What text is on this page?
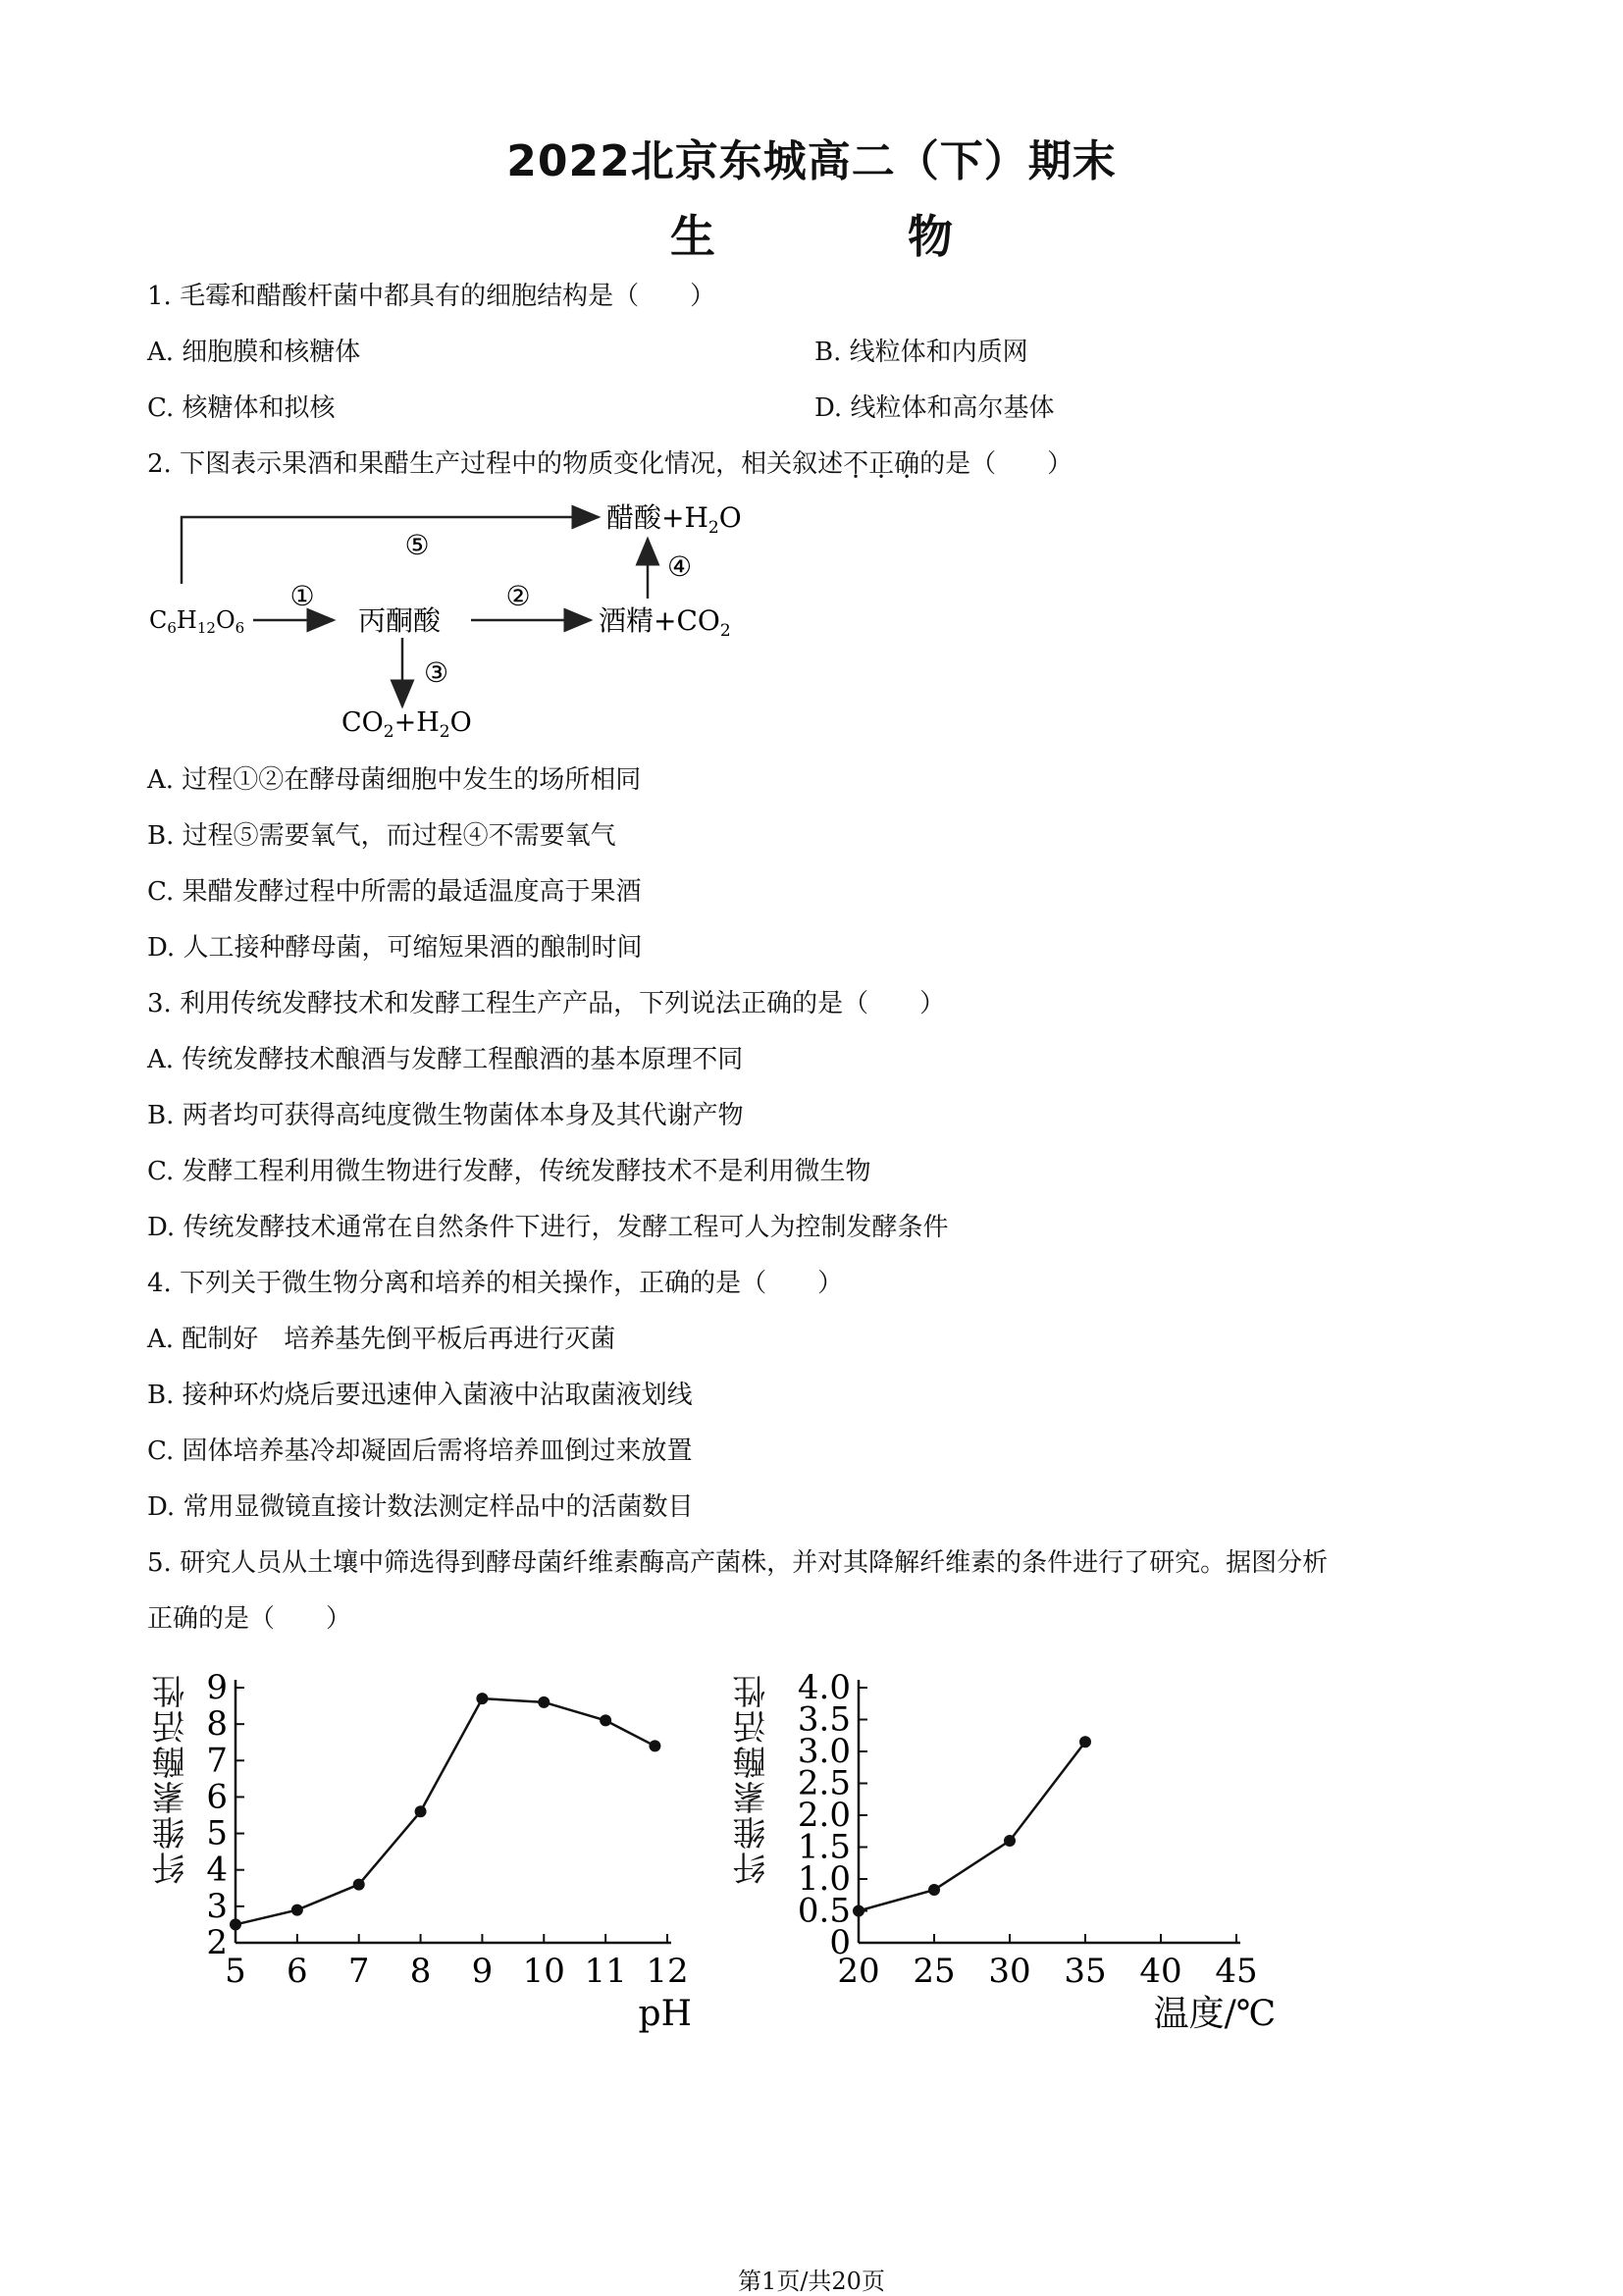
2022北京东城高二（下）期末
生 物
1. 毛霉和醋酸杆菌中都具有的细胞结构是（　　）
A. 细胞膜和核糖体	B. 线粒体和内质网
C. 核糖体和拟核	D. 线粒体和高尔基体
2. 下图表示果酒和果醋生产过程中的物质变化情况，相关叙述不正确的是（　　）
⑤
①	②
③
④
$C_6H_{12}O_6$	丙酮酸	酒精$+CO_2$
醋酸$+H_2O$
$CO_2+H_2O$
A. 过程①②在酵母菌细胞中发生的场所相同
B. 过程⑤需要氧气，而过程④不需要氧气
C. 果醋发酵过程中所需的最适温度高于果酒
D. 人工接种酵母菌，可缩短果酒的酿制时间
3. 利用传统发酵技术和发酵工程生产产品，下列说法正确的是（　　）
A. 传统发酵技术酿酒与发酵工程酿酒的基本原理不同
B. 两者均可获得高纯度微生物菌体本身及其代谢产物
C. 发酵工程利用微生物进行发酵，传统发酵技术不是利用微生物
D. 传统发酵技术通常在自然条件下进行，发酵工程可人为控制发酵条件
4. 下列关于微生物分离和培养的相关操作，正确的是（　　）
A. 配制好　培养基先倒平板后再进行灭菌
B. 接种环灼烧后要迅速伸入菌液中沾取菌液划线
C. 固体培养基冷却凝固后需将培养皿倒过来放置
D. 常用显微镜直接计数法测定样品中的活菌数目
5. 研究人员从土壤中筛选得到酵母菌纤维素酶高产菌株，并对其降解纤维素的条件进行了研究。据图分析
正确的是（　　）
纤维素酶活性
2
3
4
5
6
7
8
9
5 6 7 8 9 10 11 12
pH
纤维素酶活性
0
0.5
1.0
1.5
2.0
2.5
3.0
3.5
4.0
20 25 30 35 40 45
温度/℃
第1页/共20页
